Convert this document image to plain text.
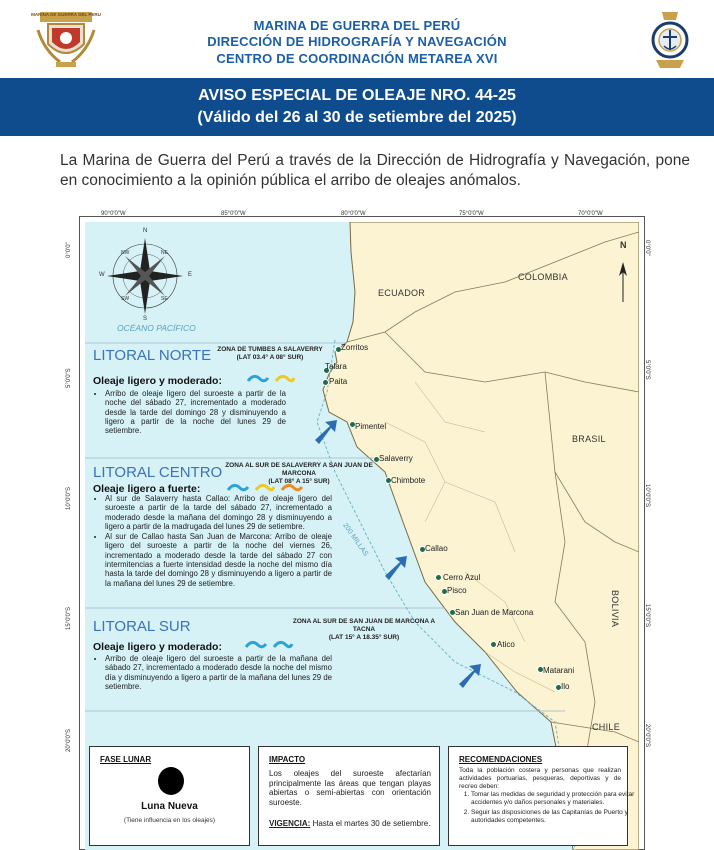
MARINA DE GUERRA DEL PERU
MARINA DE GUERRA DEL PERÚ
DIRECCIÓN DE HIDROGRAFÍA Y NAVEGACIÓN
CENTRO DE COORDINACIÓN METAREA XVI
AVISO ESPECIAL DE OLEAJE NRO. 44-25
(Válido del 26 al 30 de setiembre del 2025)
La Marina de Guerra del Perú a través de la Dirección de Hidrografía y Navegación, pone en conocimiento a la opinión pública el arribo de oleajes anómalos.
90°0'0"W	85°0'0"W	80°0'0"W	75°0'0"W	70°0'0"W
0°0'0"
5°0'0"S
10°0'0"S
15°0'0"S
20°0'0"S
0°0'0"
5°0'0"S
10°0'0"S
15°0'0"S
20°0'0"S
N
S
E
W
NW	NE
SW	SE
N
OCÉANO PACÍFICO
200 MILLAS
ECUADOR
COLOMBIA
BRASIL
BOLIVIA
CHILE
Zorritos
Talara
Paita
Pimentel
Salaverry
Chimbote
Callao
Cerro Azul
Pisco
San Juan de Marcona
Atico
Matarani
Ilo
LITORAL NORTE ZONA DE TUMBES A SALAVERRY
(LAT 03.4° A 08° SUR)
Oleaje ligero y moderado:
• Arribo de oleaje ligero del suroeste a partir de la noche del sábado 27, incrementado a moderado desde la tarde del domingo 28 y disminuyendo a ligero a partir de la noche del lunes 29 de setiembre.
LITORAL CENTRO ZONA AL SUR DE SALAVERRY A SAN JUAN DE MARCONA
(LAT 08° A 15° SUR)
Oleaje ligero a fuerte:
• Al sur de Salaverry hasta Callao: Arribo de oleaje ligero del suroeste a partir de la tarde del sábado 27, incrementado a moderado desde la mañana del domingo 28 y disminuyendo a ligero a partir de la madrugada del lunes 29 de setiembre.
• Al sur de Callao hasta San Juan de Marcona: Arribo de oleaje ligero del suroeste a partir de la noche del viernes 26, incrementado a moderado desde la tarde del sábado 27 con intermitencias a fuerte intensidad desde la noche del mismo día hasta la tarde del domingo 28 y disminuyendo a ligero a partir de la mañana del lunes 29 de setiembre.
LITORAL SUR	ZONA AL SUR DE SAN JUAN DE MARCONA A TACNA
(LAT 15° A 18.35° SUR)
Oleaje ligero y moderado:
• Arribo de oleaje ligero del suroeste a partir de la mañana del sábado 27, incrementado a moderado desde la noche del mismo día y disminuyendo a ligero a partir de la mañana del lunes 29 de setiembre.
FASE LUNAR
Luna Nueva
(Tiene influencia en los oleajes)
IMPACTO
Los oleajes del suroeste afectarían principalmente las áreas que tengan playas abiertas o semi-abiertas con orientación suroeste.
VIGENCIA: Hasta el martes 30 de setiembre.
RECOMENDACIONES
Toda la población costera y personas que realizan actividades portuarias, pesqueras, deportivas y de recreo deben:
1. Tomar las medidas de seguridad y protección para evitar accidentes y/o daños personales y materiales.
2. Seguir las disposiciones de las Capitanías de Puerto y autoridades competentes.
